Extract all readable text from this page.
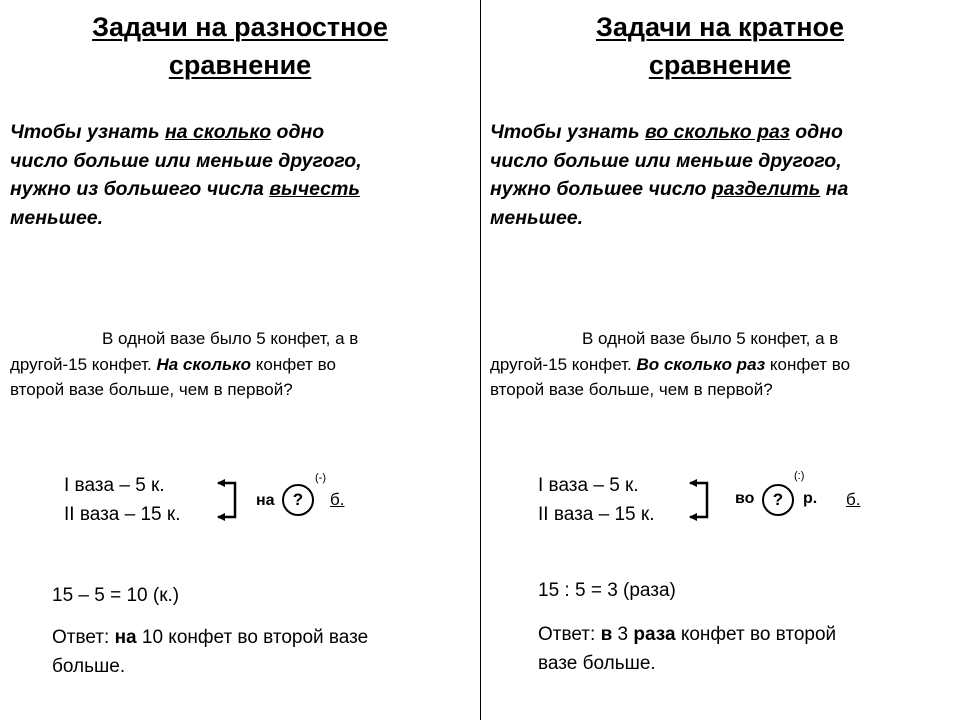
Задачи на разностное
сравнение
Чтобы узнать на сколько одно
число больше или меньше другого,
нужно из большего числа вычесть
меньшее.
В одной вазе было 5 конфет, а в
другой-15 конфет. На сколько конфет во
второй вазе больше, чем в первой?
I ваза – 5 к.
II ваза – 15 к.
на	?
(-)
б.
15 – 5 = 10 (к.)
Ответ: на 10 конфет во второй вазе
больше.
Задачи на кратное
сравнение
Чтобы узнать во сколько раз одно
число больше или меньше другого,
нужно большее число разделить на
меньшее.
В одной вазе было 5 конфет, а в
другой-15 конфет. Во сколько раз конфет во
второй вазе больше, чем в первой?
I ваза – 5 к.
II ваза – 15 к.
во	?
(:)
р. б.
15 : 5 = 3 (раза)
Ответ: в 3 раза конфет во второй
вазе больше.
